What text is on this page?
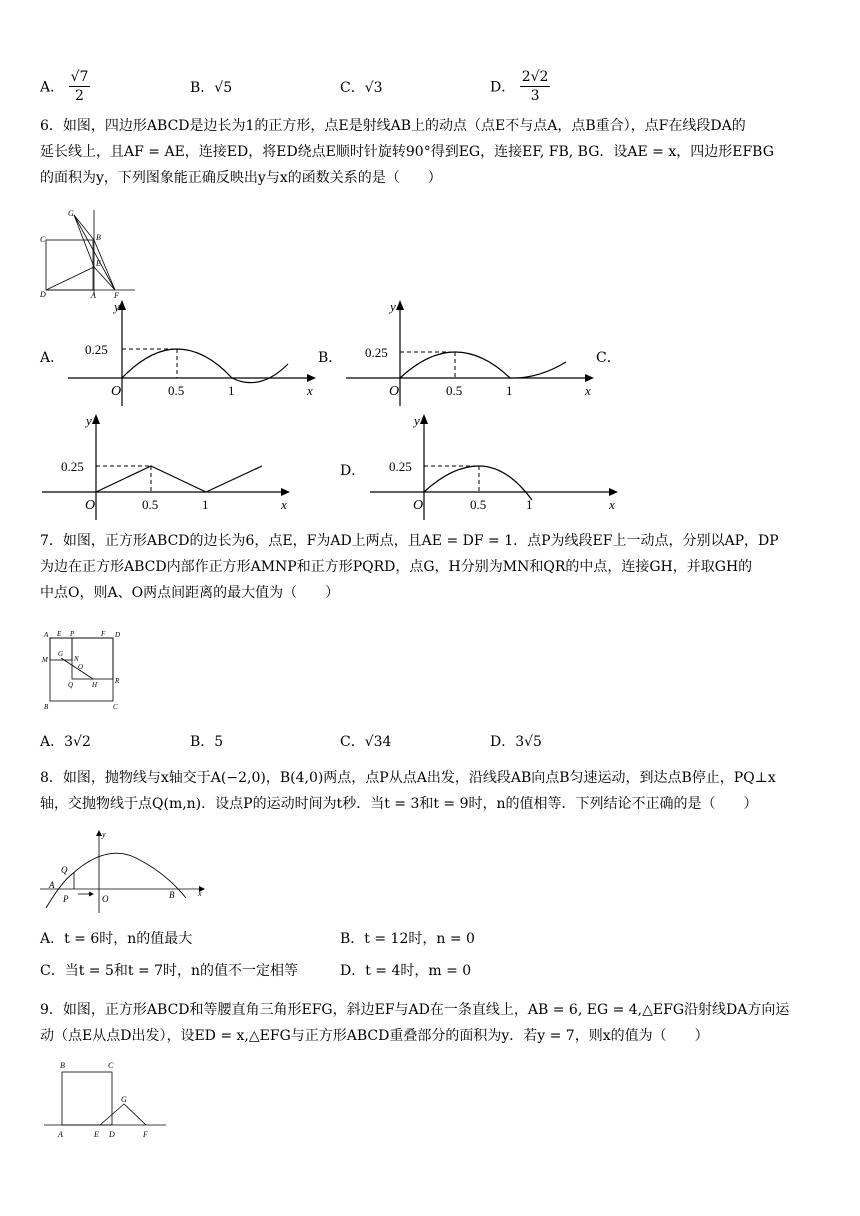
A． $\frac{√7}{2}$	B．√5	C．√3	D． $\frac{2√2}{3}$
6．如图，四边形ABCD是边长为1的正方形，点E是射线AB上的动点（点E不与点A，点B重合），点F在线段DA的
延长线上，且AF = AE，连接ED，将ED绕点E顺时针旋转90°得到EG，连接EF, FB, BG．设AE = x，四边形EFBG
的面积为y，下列图象能正确反映出y与x的函数关系的是（　　）
G
C	B
E
D	A F
A．
y
0.25
O	0.5	1	x
B．
y
0.25
O	0.5	1	x
C．
y
0.25
O	0.5	1	x
D．
y
0.25
O	0.5	1	x
7．如图，正方形ABCD的边长为6，点E，F为AD上两点，且AE = DF = 1．点P为线段EF上一动点，分别以AP，DP
为边在正方形ABCD内部作正方形AMNP和正方形PQRD，点G，H分别为MN和QR的中点，连接GH，并取GH的
中点O，则A、O两点间距离的最大值为（　　）
A E P	F D
M
G
N
O
Q	H	R
B	C
A．3√2	B．5	C．√34	D．3√5
8．如图，抛物线与x轴交于A(−2,0)，B(4,0)两点，点P从点A出发，沿线段AB向点B匀速运动，到达点B停止，PQ⊥x
轴，交抛物线于点Q(m,n)．设点P的运动时间为t秒．当t = 3和t = 9时，n的值相等．下列结论不正确的是（　　）
y
Q
A
P	O	B	x
A．t = 6时，n的值最大	B．t = 12时，n = 0
C．当t = 5和t = 7时，n的值不一定相等	D．t = 4时，m = 0
9．如图，正方形ABCD和等腰直角三角形EFG，斜边EF与AD在一条直线上，AB = 6, EG = 4,△EFG沿射线DA方向运
动（点E从点D出发），设ED = x,△EFG与正方形ABCD重叠部分的面积为y．若y = 7，则x的值为（　　）
B	C
G
A	E D	F
